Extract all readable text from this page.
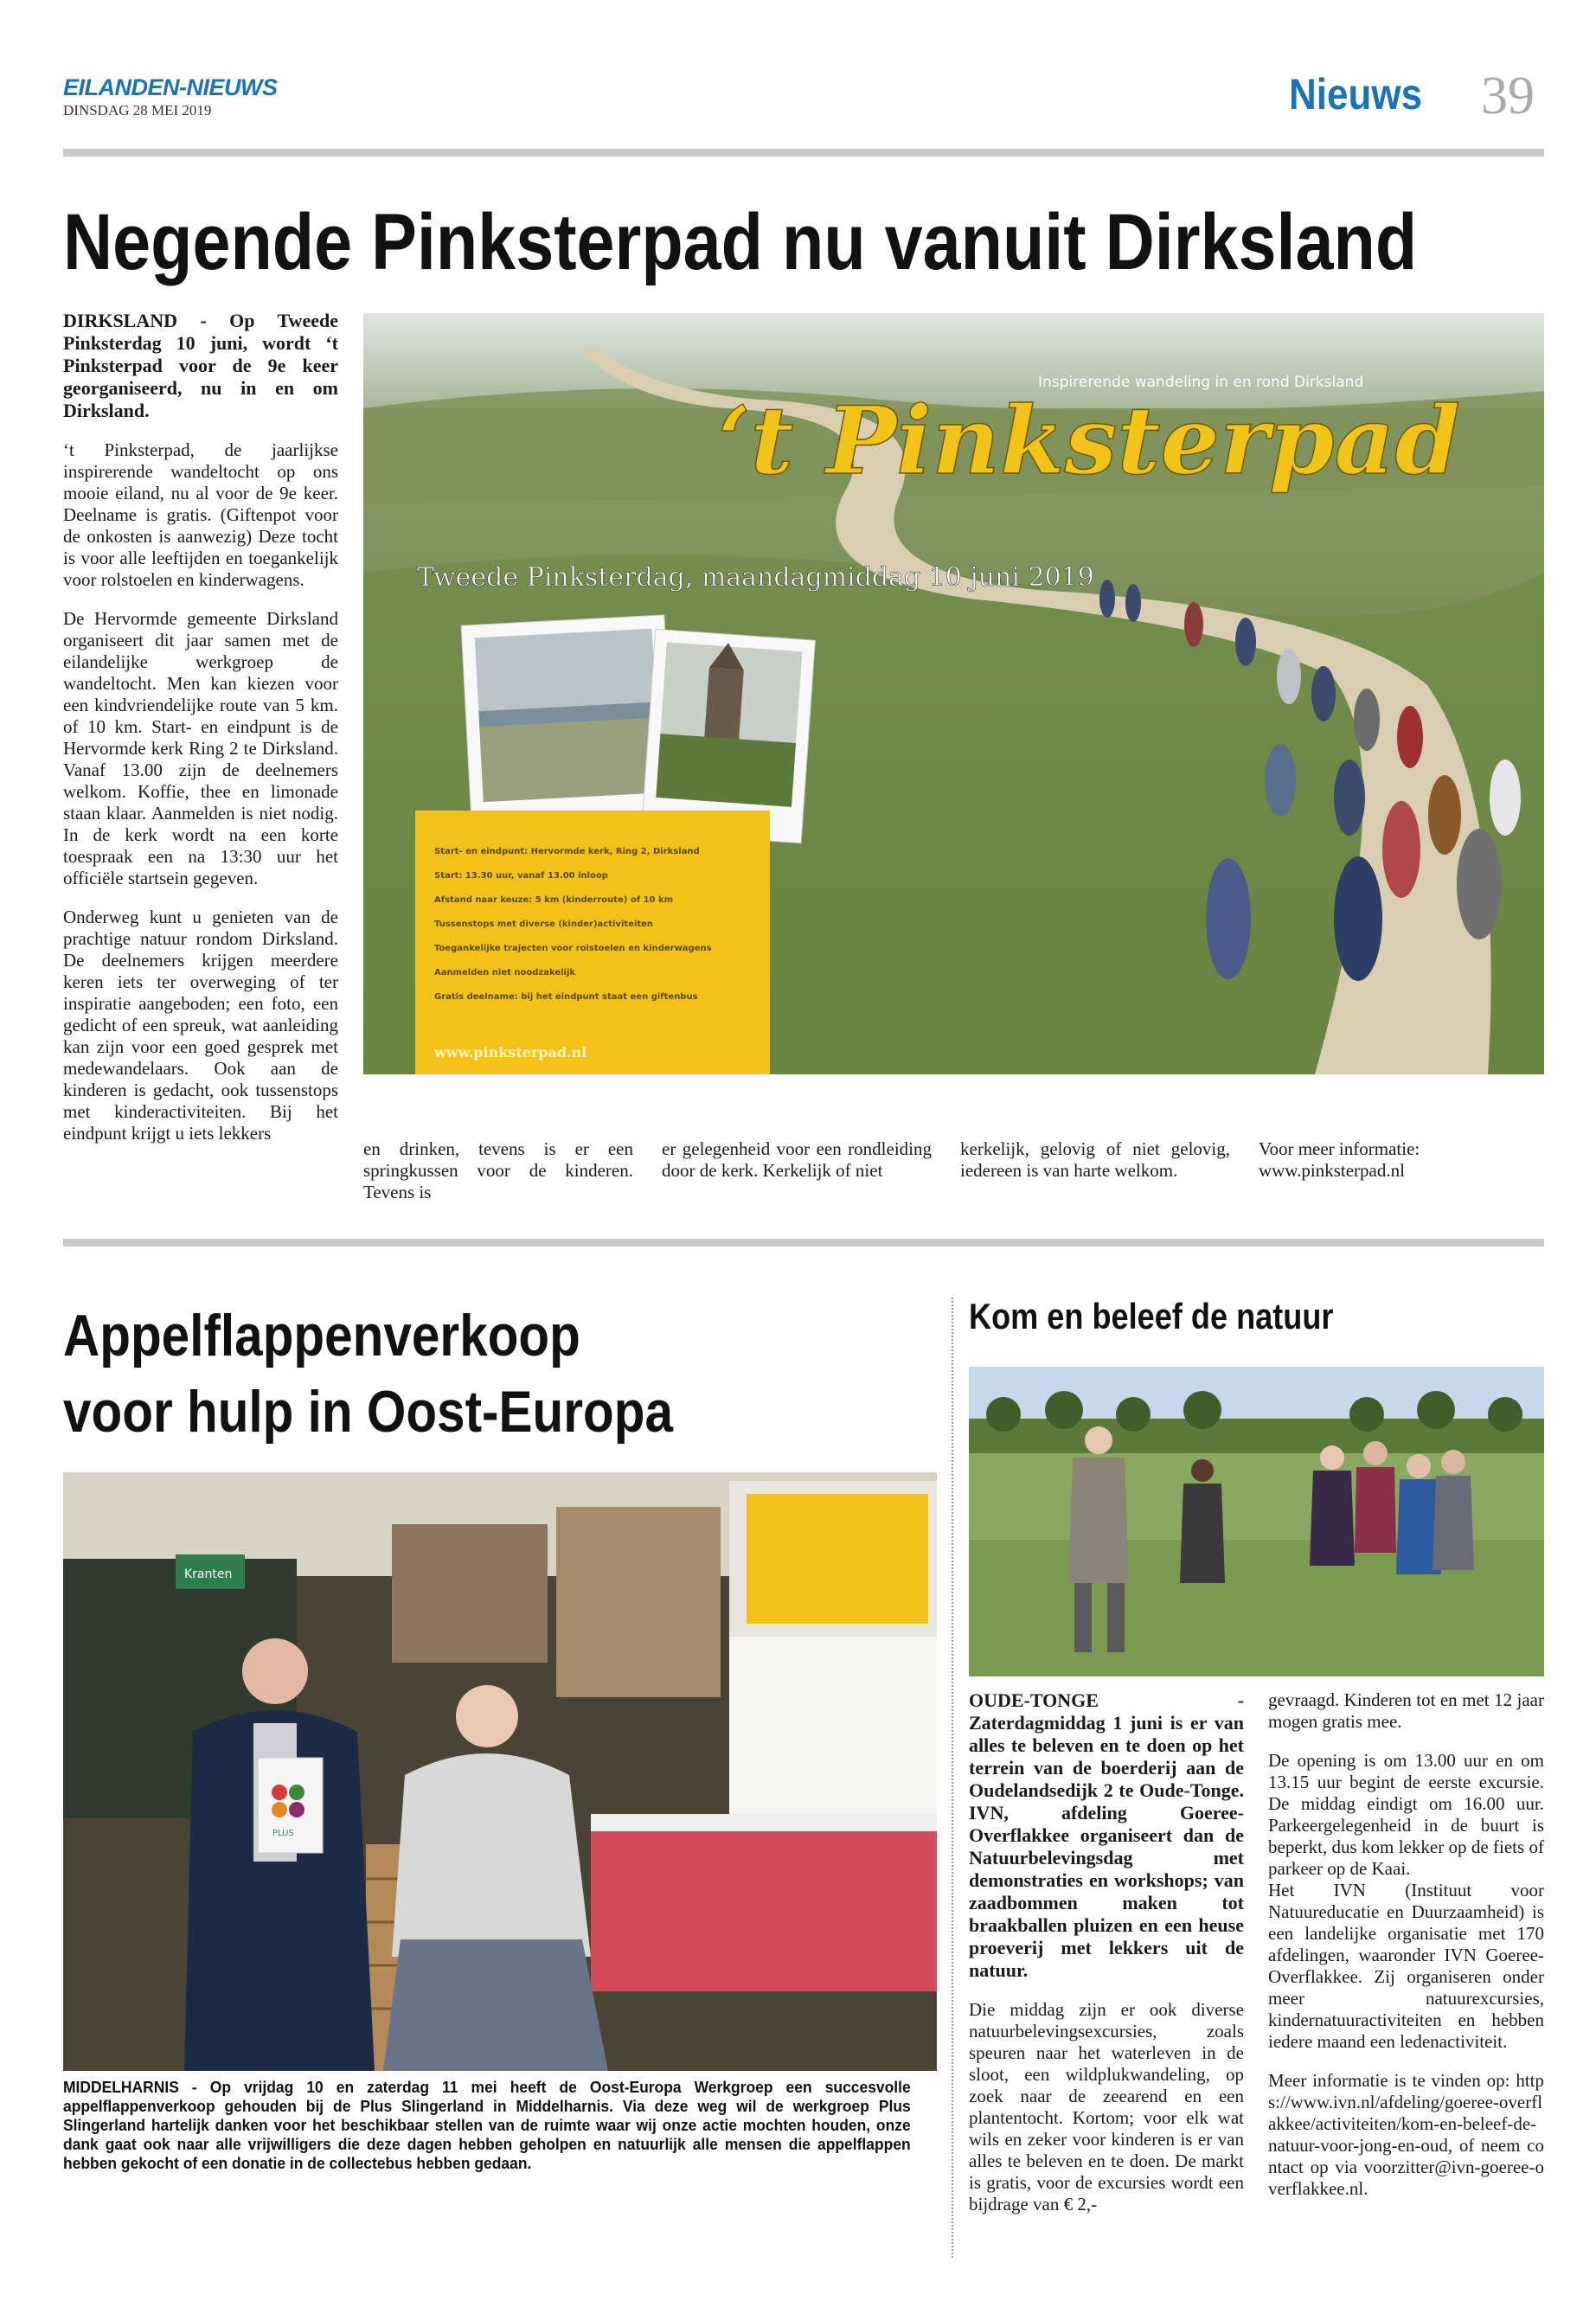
EILANDEN-NIEUWS
DINSDAG 28 MEI 2019	Nieuws 39
Negende Pinksterpad nu vanuit Dirksland

DIRKSLAND - Op Tweede Pinksterdag 10 juni, wordt ‘t Pinksterpad voor de 9e keer georganiseerd, nu in en om Dirksland.

‘t Pinksterpad, de jaarlijkse inspirerende wandeltocht op ons mooie eiland, nu al voor de 9e keer. Deelname is gratis. (Giftenpot voor de onkosten is aanwezig) Deze tocht is voor alle leeftijden en toegankelijk voor rolstoelen en kinderwagens.

De Hervormde gemeente Dirksland organiseert dit jaar samen met de eilandelijke werkgroep de wandeltocht. Men kan kiezen voor een kindvriendelijke route van 5 km. of 10 km. Start- en eindpunt is de Hervormde kerk Ring 2 te Dirksland. Vanaf 13.00 zijn de deelnemers welkom. Koffie, thee en limonade staan klaar. Aanmelden is niet nodig. In de kerk wordt na een korte toespraak een na 13:30 uur het officiële startsein gegeven.

Onderweg kunt u genieten van de prachtige natuur rondom Dirksland. De deelnemers krijgen meerdere keren iets ter overweging of ter inspiratie aangeboden; een foto, een gedicht of een spreuk, wat aanleiding kan zijn voor een goed gesprek met medewandelaars. Ook aan de kinderen is gedacht, ook tussenstops met kinderactiviteiten. Bij het eindpunt krijgt u iets lekkers

Inspirerende wandeling in en rond Dirksland
‘t Pinksterpad
Tweede Pinksterdag, maandagmiddag 10 juni 2019
Start- en eindpunt: Hervormde kerk, Ring 2, Dirksland
Start: 13.30 uur, vanaf 13.00 inloop
Afstand naar keuze: 5 km (kinderroute) of 10 km
Tussenstops met diverse (kinder)activiteiten
Toegankelijke trajecten voor rolstoelen en kinderwagens
Aanmelden niet noodzakelijk
Gratis deelname: bij het eindpunt staat een giftenbus
www.pinksterpad.nl
en drinken, tevens is er een springkussen voor de kinderen. Tevens is
er gelegenheid voor een rondleiding door de kerk. Kerkelijk of niet
kerkelijk, gelovig of niet gelovig, iedereen is van harte welkom.
Voor meer informatie: www.pinksterpad.nl
Appelflappenverkoop
voor hulp in Oost-Europa
Kranten
PLUS
MIDDELHARNIS - Op vrijdag 10 en zaterdag 11 mei heeft de Oost-Europa Werkgroep een succesvolle appelflappenverkoop gehouden bij de Plus Slingerland in Middelharnis. Via deze weg wil de werkgroep Plus Slingerland hartelijk danken voor het beschikbaar stellen van de ruimte waar wij onze actie mochten houden, onze dank gaat ook naar alle vrijwilligers die deze dagen hebben geholpen en natuurlijk alle mensen die appelflappen hebben gekocht of een donatie in de collectebus hebben gedaan.
Kom en beleef de natuur

OUDE-TONGE - Zaterdagmiddag 1 juni is er van alles te beleven en te doen op het terrein van de boerderij aan de Oudelandsedijk 2 te Oude-Tonge. IVN, afdeling Goeree-Overflakkee organiseert dan de Natuurbelevingsdag met demonstraties en workshops; van zaadbommen maken tot braakballen pluizen en een heuse proeverij met lekkers uit de natuur.

Die middag zijn er ook diverse natuurbelevingsexcursies, zoals speuren naar het waterleven in de sloot, een wildplukwandeling, op zoek naar de zeearend en een plantentocht. Kortom; voor elk wat wils en zeker voor kinderen is er van alles te beleven en te doen. De markt is gratis, voor de excursies wordt een bijdrage van € 2,-

gevraagd. Kinderen tot en met 12 jaar mogen gratis mee.

De opening is om 13.00 uur en om 13.15 uur begint de eerste excursie. De middag eindigt om 16.00 uur. Parkeergelegenheid in de buurt is beperkt, dus kom lekker op de fiets of parkeer op de Kaai.

Het IVN (Instituut voor Natuureducatie en Duurzaamheid) is een landelijke organisatie met 170 afdelingen, waaronder IVN Goeree-Overflakkee. Zij organiseren onder meer natuurexcursies, kindernatuuractiviteiten en hebben iedere maand een ledenactiviteit.

Meer informatie is te vinden op: https://www.ivn.nl/afdeling/goeree-overflakkee/activiteiten/kom-en-beleef-de-natuur-voor-jong-en-oud, of neem contact op via voorzitter@ivn-goeree-overflakkee.nl.
